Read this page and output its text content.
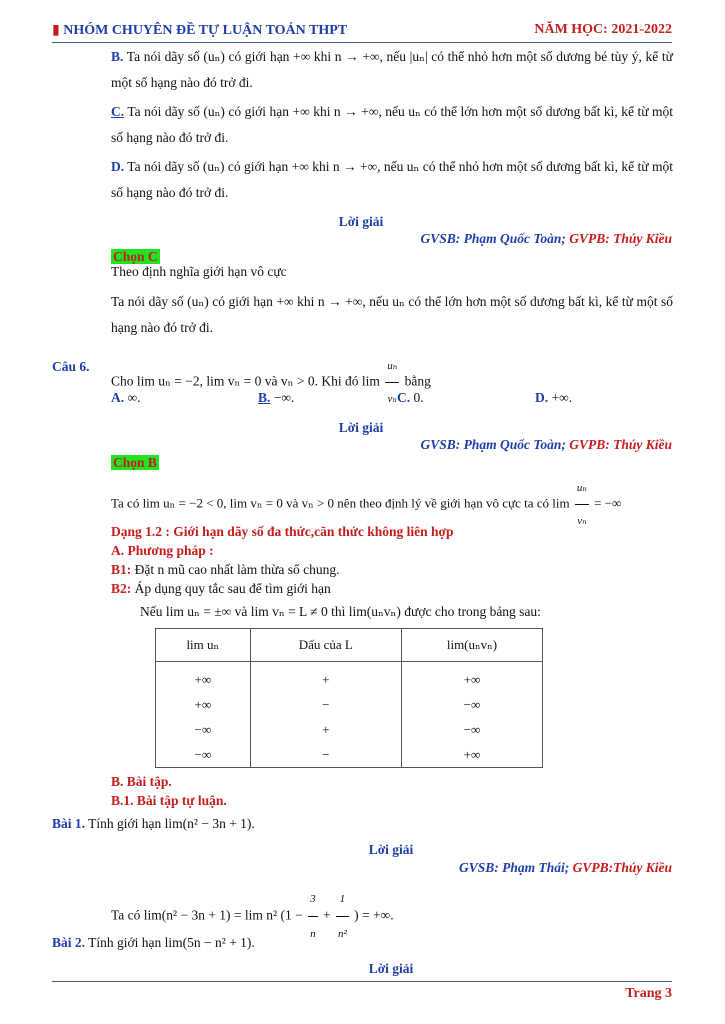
▮ NHÓM CHUYÊN ĐỀ TỰ LUẬN TOÁN THPT	NĂM HỌC: 2021-2022
B. Ta nói dãy số (uₙ) có giới hạn +∞ khi n → +∞, nếu |uₙ| có thể nhỏ hơn một số dương bé tùy ý, kể từ một số hạng nào đó trở đi.
C. Ta nói dãy số (uₙ) có giới hạn +∞ khi n → +∞, nếu uₙ có thể lớn hơn một số dương bất kì, kể từ một số hạng nào đó trở đi.
D. Ta nói dãy số (uₙ) có giới hạn +∞ khi n → +∞, nếu uₙ có thể nhỏ hơn một số dương bất kì, kể từ một số hạng nào đó trở đi.
Lời giải
GVSB: Phạm Quốc Toàn; GVPB: Thúy Kiều
Chọn C
Theo định nghĩa giới hạn vô cực
Ta nói dãy số (uₙ) có giới hạn +∞ khi n → +∞, nếu uₙ có thể lớn hơn một số dương bất kì, kể từ một số hạng nào đó trở đi.
Câu 6.
Cho lim uₙ = −2, lim vₙ = 0 và vₙ > 0. Khi đó $\lim \frac{\text{uₙ}}{\text{vₙ}}$ bằng
A. ∞.	B. −∞.	C. 0.	D. +∞.
Lời giải
GVSB: Phạm Quốc Toàn; GVPB: Thúy Kiều
Chọn B
Ta có lim uₙ = −2 < 0, lim vₙ = 0 và vₙ > 0 nên theo định lý về giới hạn vô cực ta có $\lim \frac{\text{uₙ}}{\text{vₙ}}$ = −∞
Dạng 1.2 : Giới hạn dãy số đa thức,căn thức không liên hợp
A. Phương pháp :
B1: Đặt n mũ cao nhất làm thừa số chung.
B2: Áp dụng quy tắc sau để tìm giới hạn
Nếu lim uₙ = ±∞ và lim vₙ = L ≠ 0 thì lim(uₙvₙ) được cho trong bảng sau:
lim uₙ	Dấu của L	lim(uₙvₙ)
+∞	+	+∞
+∞	−	−∞
−∞	+	−∞
−∞	−	+∞
B. Bài tập.
B.1. Bài tập tự luận.
Bài 1. Tính giới hạn lim(n² − 3n + 1).
Lời giải
GVSB: Phạm Thái; GVPB:Thúy Kiều
Ta có lim(n² − 3n + 1) = lim n² ($1 - \frac{3}{n} + \frac{1}{\text{n²}}$ ) = +∞.
Bài 2. Tính giới hạn lim(5n − n² + 1).
Lời giải
Trang 3
